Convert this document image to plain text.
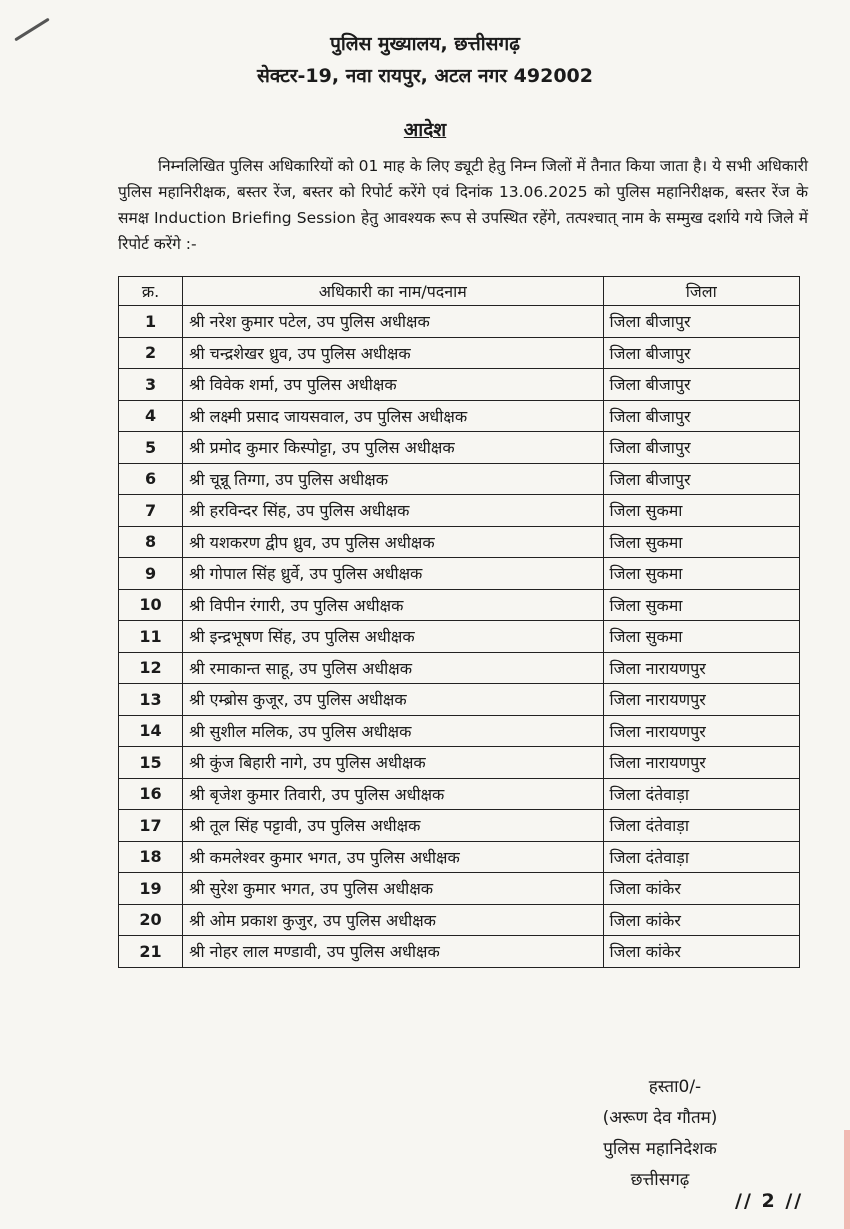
पुलिस मुख्यालय, छत्तीसगढ़
सेक्टर-19, नवा रायपुर, अटल नगर 492002
आदेश
निम्नलिखित पुलिस अधिकारियों को 01 माह के लिए ड्यूटी हेतु निम्न जिलों में तैनात किया जाता है। ये सभी अधिकारी पुलिस महानिरीक्षक, बस्तर रेंज, बस्तर को रिपोर्ट करेंगे एवं दिनांक 13.06.2025 को पुलिस महानिरीक्षक, बस्तर रेंज के समक्ष Induction Briefing Session हेतु आवश्यक रूप से उपस्थित रहेंगे, तत्पश्चात् नाम के सम्मुख दर्शाये गये जिले में रिपोर्ट करेंगे :-
क्र.	अधिकारी का नाम/पदनाम	जिला
1	श्री नरेश कुमार पटेल, उप पुलिस अधीक्षक	जिला बीजापुर
2	श्री चन्द्रशेखर ध्रुव, उप पुलिस अधीक्षक	जिला बीजापुर
3	श्री विवेक शर्मा, उप पुलिस अधीक्षक	जिला बीजापुर
4	श्री लक्ष्मी प्रसाद जायसवाल, उप पुलिस अधीक्षक	जिला बीजापुर
5	श्री प्रमोद कुमार किस्पोट्टा, उप पुलिस अधीक्षक	जिला बीजापुर
6	श्री चून्नू तिग्गा, उप पुलिस अधीक्षक	जिला बीजापुर
7	श्री हरविन्दर सिंह, उप पुलिस अधीक्षक	जिला सुकमा
8	श्री यशकरण द्वीप ध्रुव, उप पुलिस अधीक्षक	जिला सुकमा
9	श्री गोपाल सिंह ध्रुर्वे, उप पुलिस अधीक्षक	जिला सुकमा
10	श्री विपीन रंगारी, उप पुलिस अधीक्षक	जिला सुकमा
11	श्री इन्द्रभूषण सिंह, उप पुलिस अधीक्षक	जिला सुकमा
12	श्री रमाकान्त साहू, उप पुलिस अधीक्षक	जिला नारायणपुर
13	श्री एम्ब्रोस कुजूर, उप पुलिस अधीक्षक	जिला नारायणपुर
14	श्री सुशील मलिक, उप पुलिस अधीक्षक	जिला नारायणपुर
15	श्री कुंज बिहारी नागे, उप पुलिस अधीक्षक	जिला नारायणपुर
16	श्री बृजेश कुमार तिवारी, उप पुलिस अधीक्षक	जिला दंतेवाड़ा
17	श्री तूल सिंह पट्टावी, उप पुलिस अधीक्षक	जिला दंतेवाड़ा
18	श्री कमलेश्वर कुमार भगत, उप पुलिस अधीक्षक	जिला दंतेवाड़ा
19	श्री सुरेश कुमार भगत, उप पुलिस अधीक्षक	जिला कांकेर
20	श्री ओम प्रकाश कुजुर, उप पुलिस अधीक्षक	जिला कांकेर
21	श्री नोहर लाल मण्डावी, उप पुलिस अधीक्षक	जिला कांकेर
हस्ता0/-
(अरूण देव गौतम)
पुलिस महानिदेशक
छत्तीसगढ़
// 2 //
